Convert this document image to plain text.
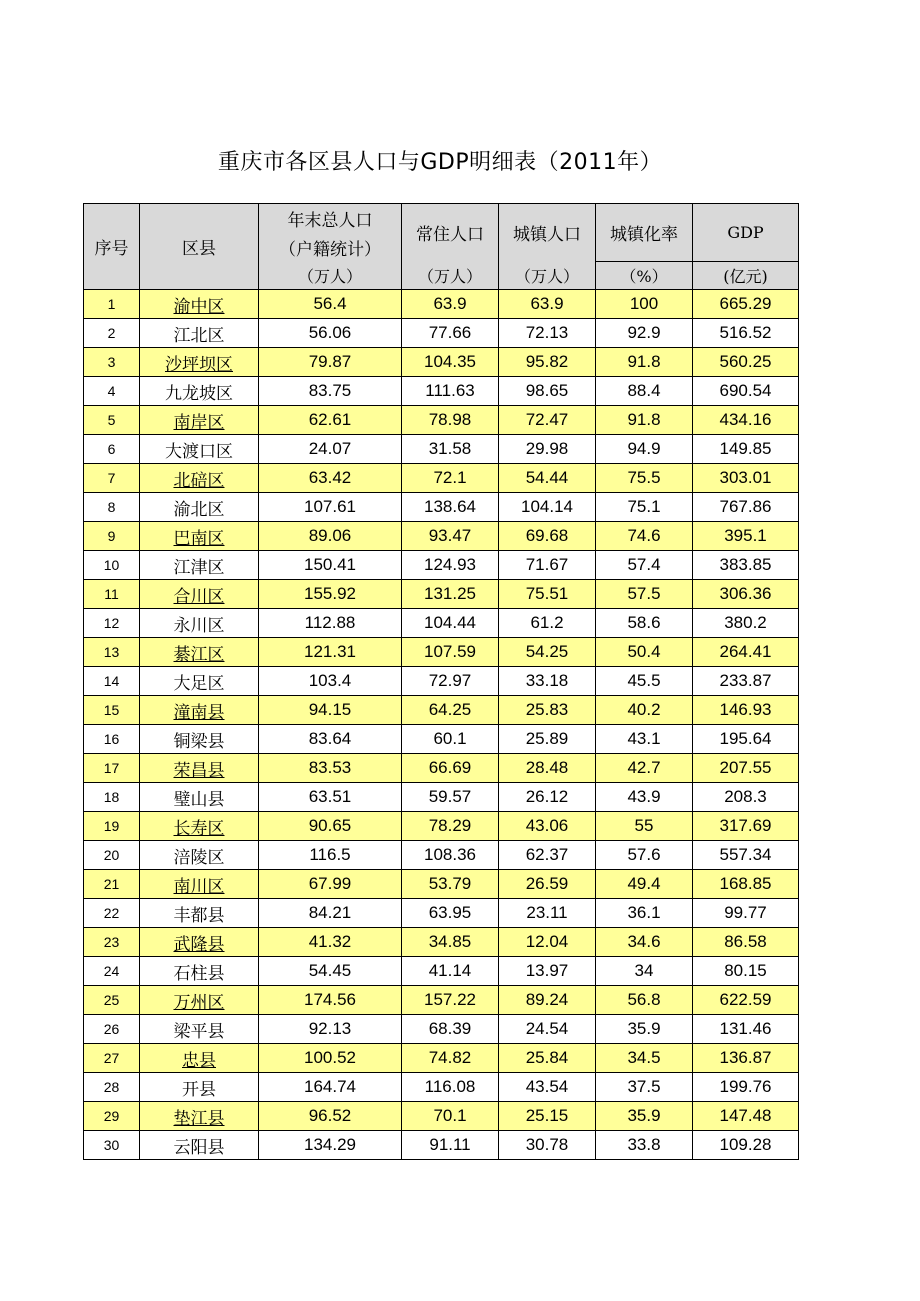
重庆市各区县人口与GDP明细表（2011年）
序号	区县	年末总人口	常住人口	城镇人口	城镇化率	GDP
		（户籍统计）				
		（万人）	（万人）	（万人）	（%）	(亿元)
1	渝中区	56.4	63.9	63.9	100	665.29
2	江北区	56.06	77.66	72.13	92.9	516.52
3	沙坪坝区	79.87	104.35	95.82	91.8	560.25
4	九龙坡区	83.75	111.63	98.65	88.4	690.54
5	南岸区	62.61	78.98	72.47	91.8	434.16
6	大渡口区	24.07	31.58	29.98	94.9	149.85
7	北碚区	63.42	72.1	54.44	75.5	303.01
8	渝北区	107.61	138.64	104.14	75.1	767.86
9	巴南区	89.06	93.47	69.68	74.6	395.1
10	江津区	150.41	124.93	71.67	57.4	383.85
11	合川区	155.92	131.25	75.51	57.5	306.36
12	永川区	112.88	104.44	61.2	58.6	380.2
13	綦江区	121.31	107.59	54.25	50.4	264.41
14	大足区	103.4	72.97	33.18	45.5	233.87
15	潼南县	94.15	64.25	25.83	40.2	146.93
16	铜梁县	83.64	60.1	25.89	43.1	195.64
17	荣昌县	83.53	66.69	28.48	42.7	207.55
18	璧山县	63.51	59.57	26.12	43.9	208.3
19	长寿区	90.65	78.29	43.06	55	317.69
20	涪陵区	116.5	108.36	62.37	57.6	557.34
21	南川区	67.99	53.79	26.59	49.4	168.85
22	丰都县	84.21	63.95	23.11	36.1	99.77
23	武隆县	41.32	34.85	12.04	34.6	86.58
24	石柱县	54.45	41.14	13.97	34	80.15
25	万州区	174.56	157.22	89.24	56.8	622.59
26	梁平县	92.13	68.39	24.54	35.9	131.46
27	忠县	100.52	74.82	25.84	34.5	136.87
28	开县	164.74	116.08	43.54	37.5	199.76
29	垫江县	96.52	70.1	25.15	35.9	147.48
30	云阳县	134.29	91.11	30.78	33.8	109.28
